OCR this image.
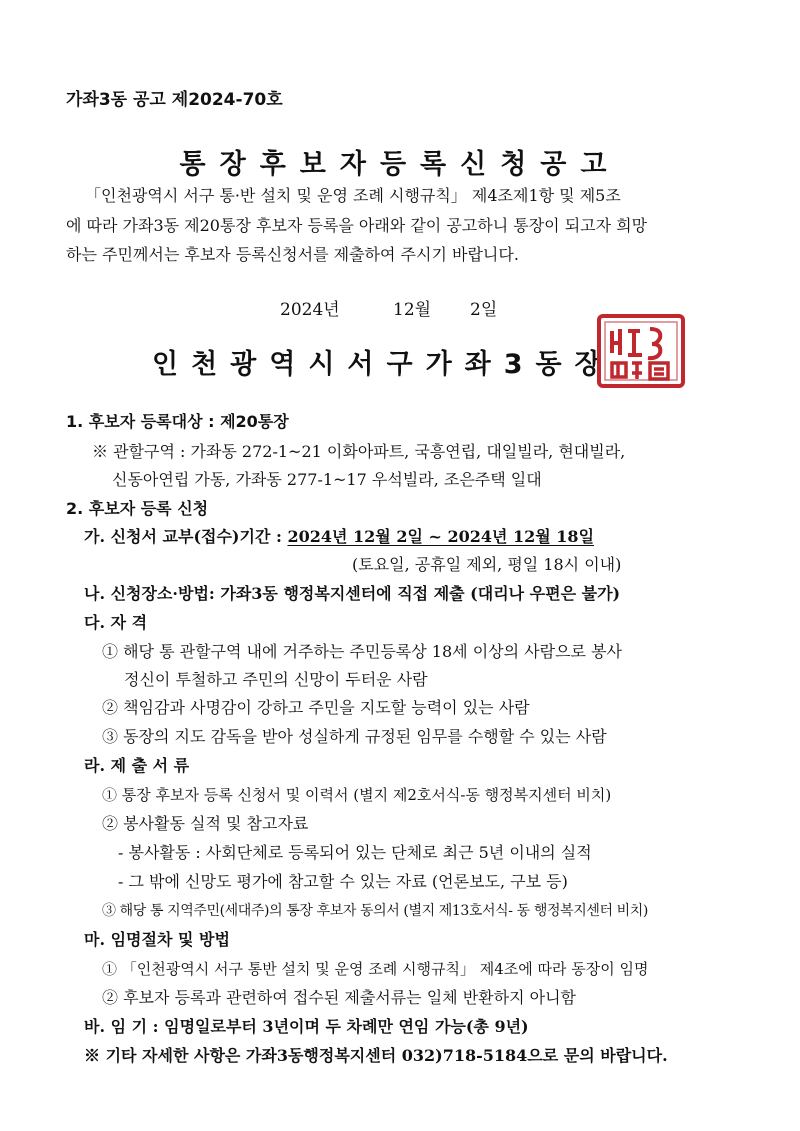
가좌3동 공고 제2024-70호
통장후보자등록신청공고
「인천광역시 서구 통·반 설치 및 운영 조례 시행규칙」 제4조제1항 및 제5조
에 따라 가좌3동 제20통장 후보자 등록을 아래와 같이 공고하니 통장이 되고자 희망
하는 주민께서는 후보자 등록신청서를 제출하여 주시기 바랍니다.
2024년	12월 2일
인천광역시서구가좌3동장
1. 후보자 등록대상 : 제20통장
※ 관할구역 : 가좌동 272-1~21 이화아파트, 국흥연립, 대일빌라, 현대빌라,
신동아연립 가동, 가좌동 277-1~17 우석빌라, 조은주택 일대
2. 후보자 등록 신청
가. 신청서 교부(접수)기간 : 2024년 12월 2일 ~ 2024년 12월 18일
(토요일, 공휴일 제외, 평일 18시 이내)
나. 신청장소·방법: 가좌3동 행정복지센터에 직접 제출 (대리나 우편은 불가)
다. 자 격
① 해당 통 관할구역 내에 거주하는 주민등록상 18세 이상의 사람으로 봉사
정신이 투철하고 주민의 신망이 두터운 사람
② 책임감과 사명감이 강하고 주민을 지도할 능력이 있는 사람
③ 동장의 지도 감독을 받아 성실하게 규정된 임무를 수행할 수 있는 사람
라. 제 출 서 류
① 통장 후보자 등록 신청서 및 이력서 (별지 제2호서식-동 행정복지센터 비치)
② 봉사활동 실적 및 참고자료
- 봉사활동 : 사회단체로 등록되어 있는 단체로 최근 5년 이내의 실적
- 그 밖에 신망도 평가에 참고할 수 있는 자료 (언론보도, 구보 등)
③ 해당 통 지역주민(세대주)의 통장 후보자 동의서 (별지 제13호서식- 동 행정복지센터 비치)
마. 임명절차 및 방법
① 「인천광역시 서구 통반 설치 및 운영 조례 시행규칙」 제4조에 따라 동장이 임명
② 후보자 등록과 관련하여 접수된 제출서류는 일체 반환하지 아니함
바. 임 기 : 임명일로부터 3년이며 두 차례만 연임 가능(총 9년)
※ 기타 자세한 사항은 가좌3동행정복지센터 032)718-5184으로 문의 바랍니다.
